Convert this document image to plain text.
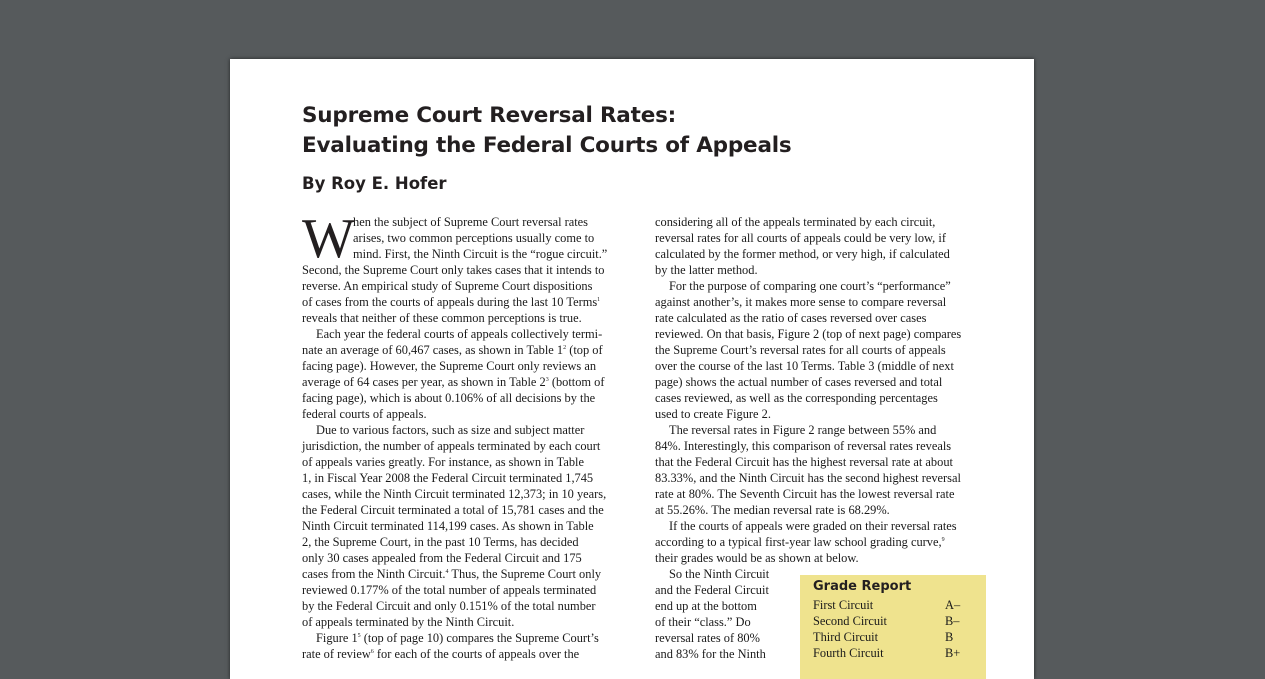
Supreme Court Reversal Rates:
Evaluating the Federal Courts of Appeals
By Roy E. Hofer
W
hen the subject of Supreme Court reversal rates
arises, two common perceptions usually come to
mind. First, the Ninth Circuit is the “rogue circuit.”
Second, the Supreme Court only takes cases that it intends to
reverse. An empirical study of Supreme Court dispositions
of cases from the courts of appeals during the last 10 Terms$^1$
reveals that neither of these common perceptions is true.
Each year the federal courts of appeals collectively termi-
nate an average of 60,467 cases, as shown in Table $1^2$ (top of
facing page). However, the Supreme Court only reviews an
average of 64 cases per year, as shown in Table $2^3$ (bottom of
facing page), which is about 0.106% of all decisions by the
federal courts of appeals.
Due to various factors, such as size and subject matter
jurisdiction, the number of appeals terminated by each court
of appeals varies greatly. For instance, as shown in Table
1, in Fiscal Year 2008 the Federal Circuit terminated 1,745
cases, while the Ninth Circuit terminated 12,373; in 10 years,
the Federal Circuit terminated a total of 15,781 cases and the
Ninth Circuit terminated 114,199 cases. As shown in Table
2, the Supreme Court, in the past 10 Terms, has decided
only 30 cases appealed from the Federal Circuit and 175
cases from the Ninth Circuit.$^4$ Thus, the Supreme Court only
reviewed 0.177% of the total number of appeals terminated
by the Federal Circuit and only 0.151% of the total number
of appeals terminated by the Ninth Circuit.
Figure $1^5$ (top of page 10) compares the Supreme Court’s
rate of review$^6$ for each of the courts of appeals over the
considering all of the appeals terminated by each circuit,
reversal rates for all courts of appeals could be very low, if
calculated by the former method, or very high, if calculated
by the latter method.
For the purpose of comparing one court’s “performance”
against another’s, it makes more sense to compare reversal
rate calculated as the ratio of cases reversed over cases
reviewed. On that basis, Figure 2 (top of next page) compares
the Supreme Court’s reversal rates for all courts of appeals
over the course of the last 10 Terms. Table 3 (middle of next
page) shows the actual number of cases reversed and total
cases reviewed, as well as the corresponding percentages
used to create Figure 2.
The reversal rates in Figure 2 range between 55% and
84%. Interestingly, this comparison of reversal rates reveals
that the Federal Circuit has the highest reversal rate at about
83.33%, and the Ninth Circuit has the second highest reversal
rate at 80%. The Seventh Circuit has the lowest reversal rate
at 55.26%. The median reversal rate is 68.29%.
If the courts of appeals were graded on their reversal rates
according to a typical first-year law school grading curve,$^9$
their grades would be as shown at below.
So the Ninth Circuit
and the Federal Circuit
end up at the bottom
of their “class.” Do
reversal rates of 80%
and 83% for the Ninth
Grade Report
First Circuit	A–
Second Circuit	B–
Third Circuit	B
Fourth Circuit	B+
